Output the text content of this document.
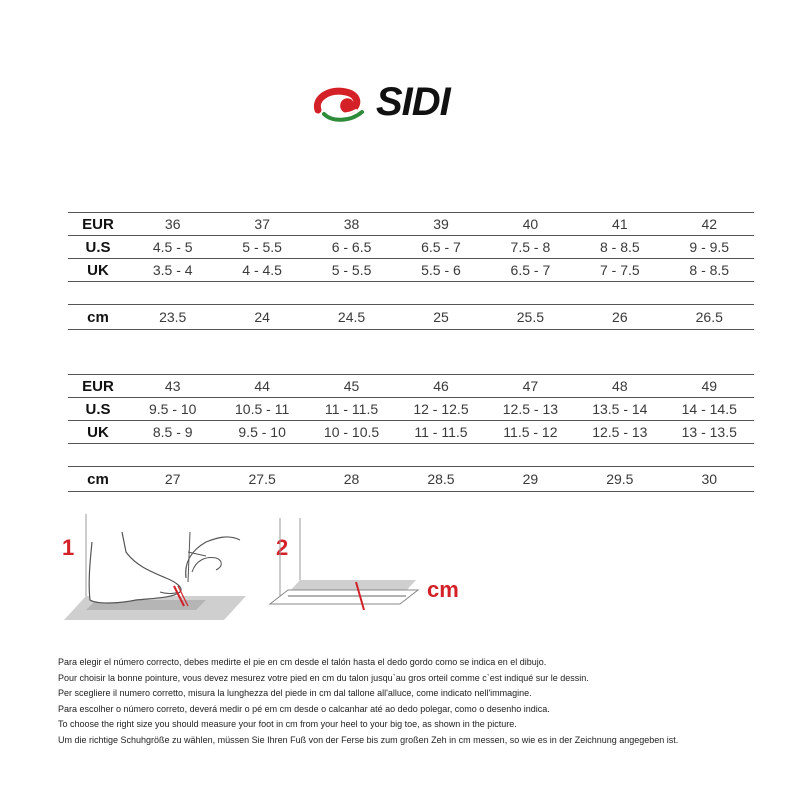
SIDI
EUR	36	37	38	39	40	41	42
U.S	4.5 - 5	5 - 5.5	6 - 6.5	6.5 - 7	7.5 - 8	8 - 8.5	9 - 9.5
UK	3.5 - 4	4 - 4.5	5 - 5.5	5.5 - 6	6.5 - 7	7 - 7.5	8 - 8.5

cm	23.5	24	24.5	25	25.5	26	26.5
EUR	43	44	45	46	47	48	49
U.S	9.5 - 10	10.5 - 11	11 - 11.5	12 - 12.5	12.5 - 13	13.5 - 14	14 - 14.5
UK	8.5 - 9	9.5 - 10	10 - 10.5	11 - 11.5	11.5 - 12	12.5 - 13	13 - 13.5

cm	27	27.5	28	28.5	29	29.5	30
1	2
cm
Para elegir el número correcto, debes medirte el pie en cm desde el talón hasta el dedo gordo como se indica en el dibujo.
Pour choisir la bonne pointure, vous devez mesurez votre pied en cm du talon jusqu`au gros orteil comme c`est indiqué sur le dessin.
Per scegliere il numero corretto, misura la lunghezza del piede in cm dal tallone all'alluce, come indicato nell'immagine.
Para escolher o número correto, deverá medir o pé em cm desde o calcanhar até ao dedo polegar, como o desenho indica.
To choose the right size you should measure your foot in cm from your heel to your big toe, as shown in the picture.
Um die richtige Schuhgröße zu wählen, müssen Sie Ihren Fuß von der Ferse bis zum großen Zeh in cm messen, so wie es in der Zeichnung angegeben ist.
